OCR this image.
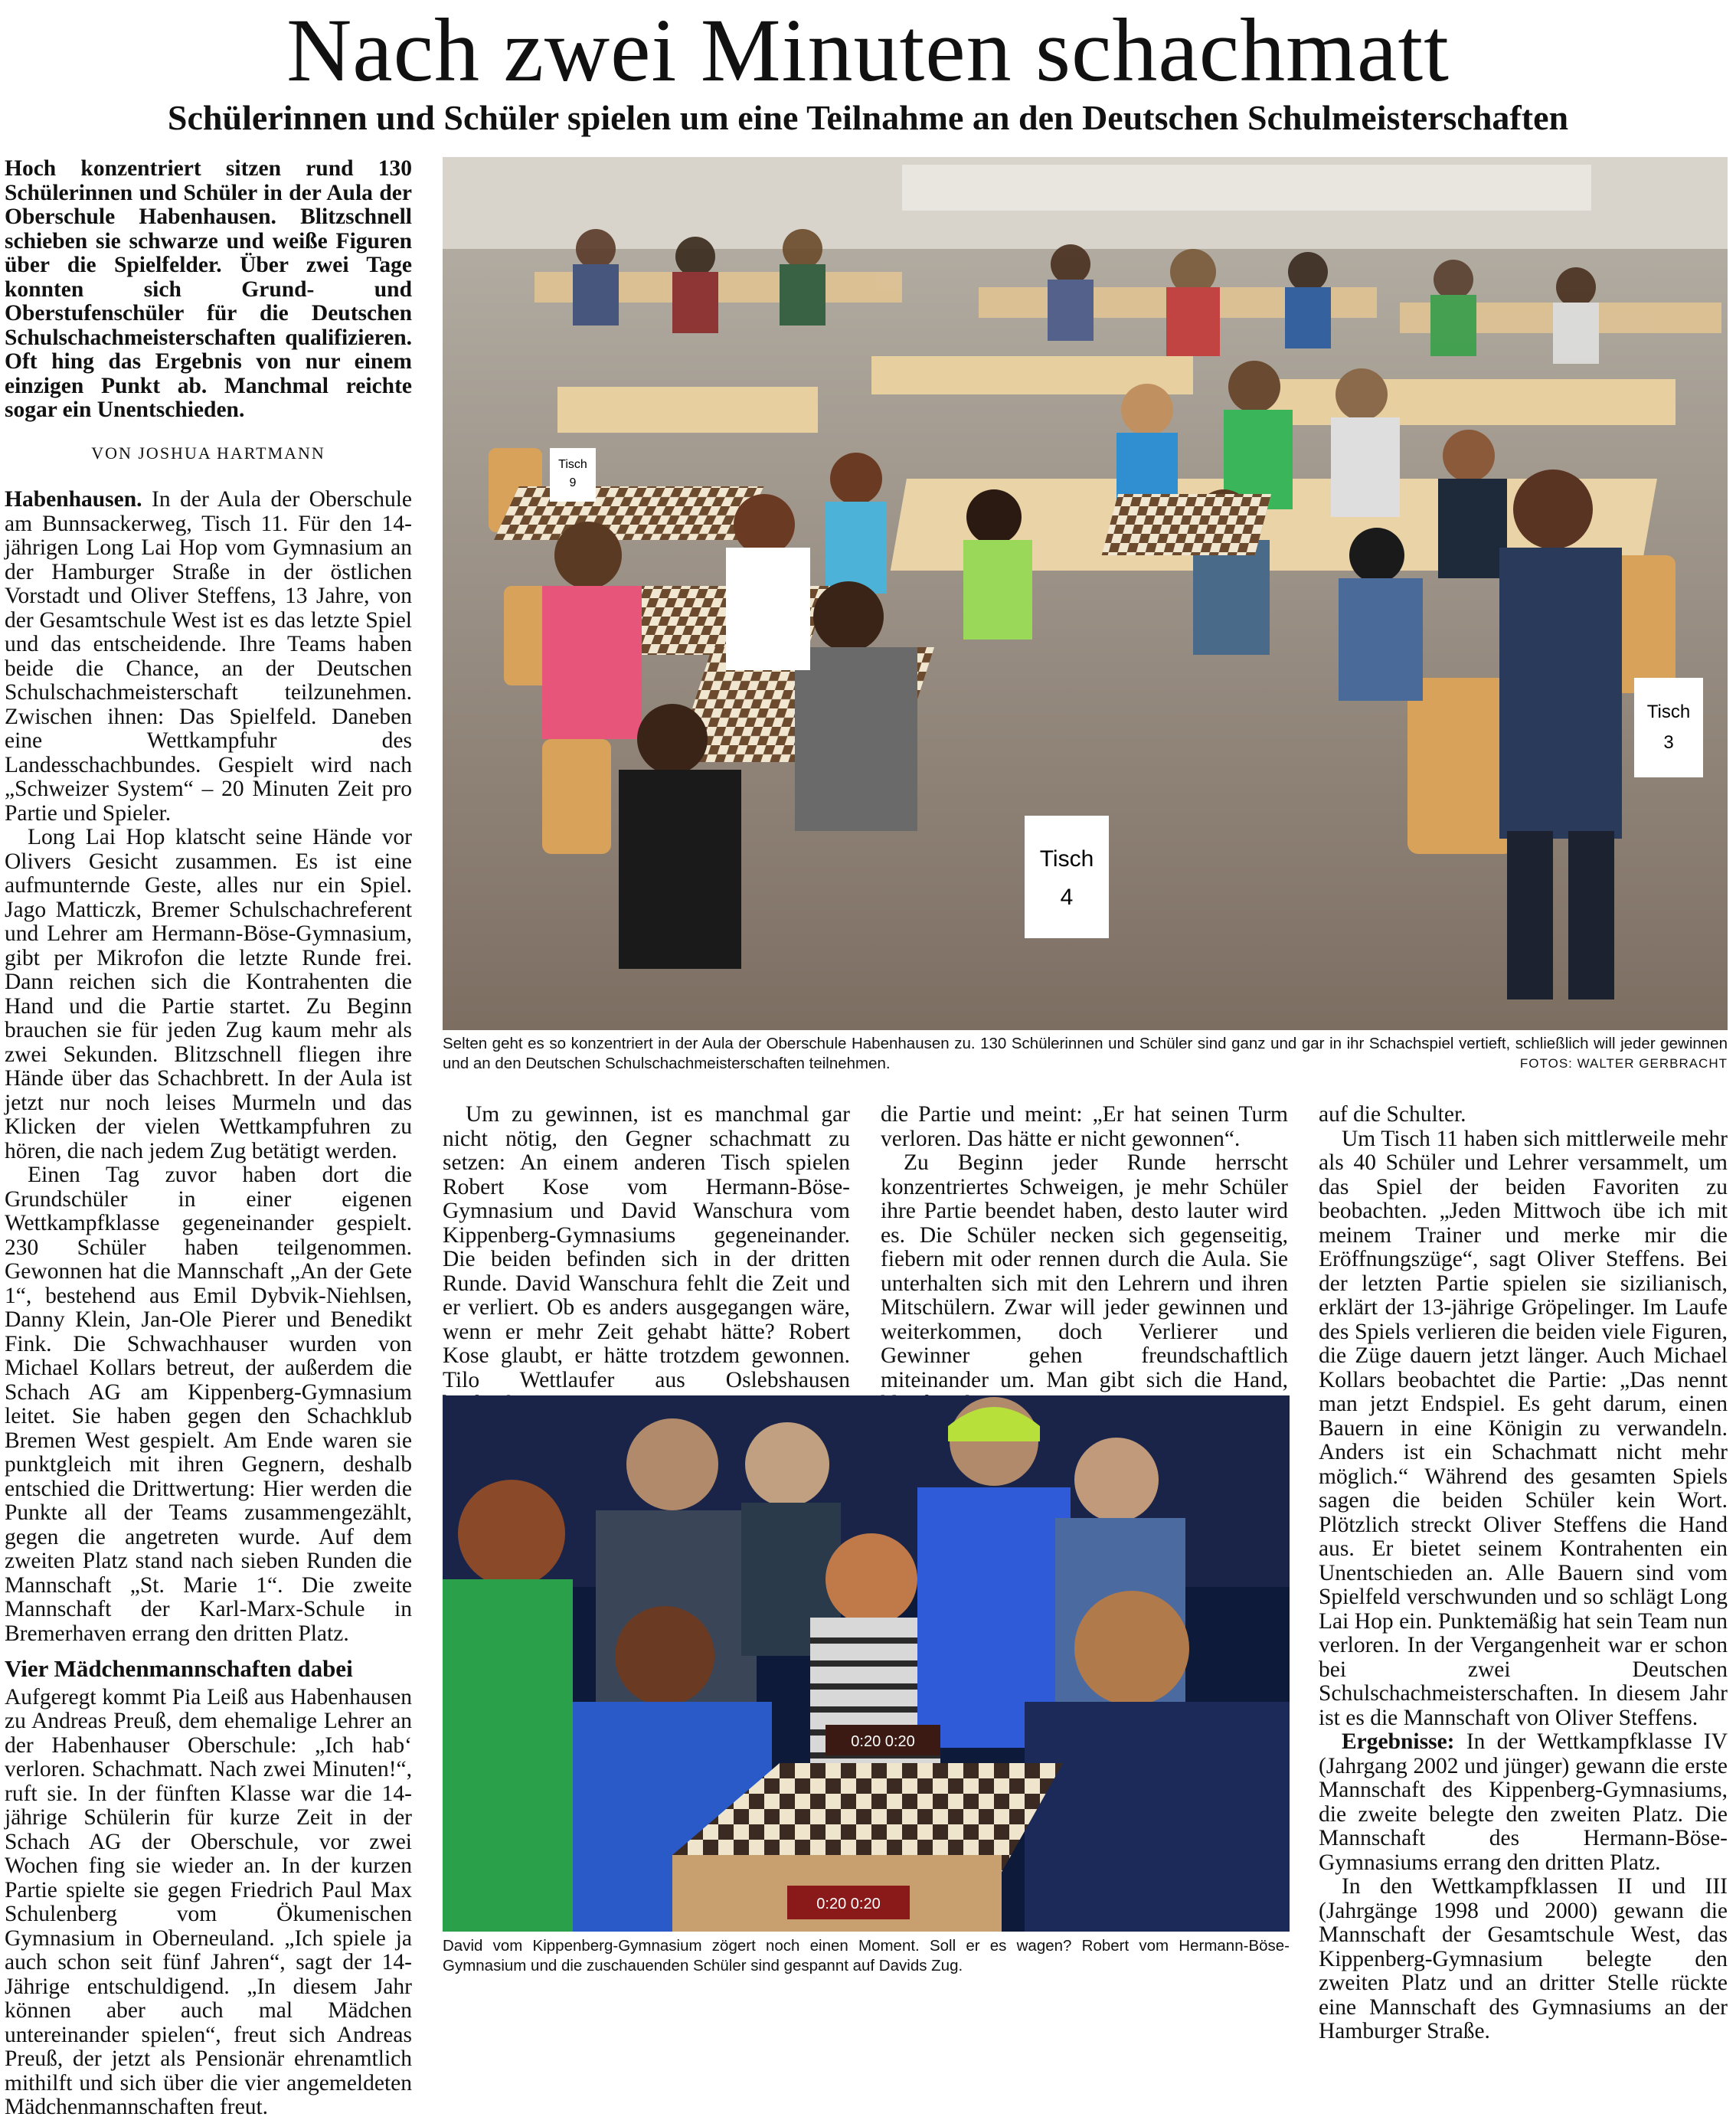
Nach zwei Minuten schachmatt
Schülerinnen und Schüler spielen um eine Teilnahme an den Deutschen Schulmeisterschaften

Hoch konzentriert sitzen rund 130 Schülerinnen und Schüler in der Aula der Oberschule Habenhausen. Blitzschnell schieben sie schwarze und weiße Figuren über die Spielfelder. Über zwei Tage konnten sich Grund- und Oberstufenschüler für die Deutschen Schulschachmeisterschaften qualifizieren. Oft hing das Ergebnis von nur einem einzigen Punkt ab. Manchmal reichte sogar ein Unentschieden.

VON JOSHUA HARTMANN

Habenhausen. In der Aula der Oberschule am Bunnsackerweg, Tisch 11. Für den 14-jährigen Long Lai Hop vom Gymnasium an der Hamburger Straße in der östlichen Vorstadt und Oliver Steffens, 13 Jahre, von der Gesamtschule West ist es das letzte Spiel und das entscheidende. Ihre Teams haben beide die Chance, an der Deutschen Schulschachmeisterschaft teilzunehmen. Zwischen ihnen: Das Spielfeld. Daneben eine Wettkampfuhr des Landesschachbundes. Gespielt wird nach „Schweizer System“ – 20 Minuten Zeit pro Partie und Spieler.

Long Lai Hop klatscht seine Hände vor Olivers Gesicht zusammen. Es ist eine aufmunternde Geste, alles nur ein Spiel. Jago Matticzk, Bremer Schulschachreferent und Lehrer am Hermann-Böse-Gymnasium, gibt per Mikrofon die letzte Runde frei. Dann reichen sich die Kontrahenten die Hand und die Partie startet. Zu Beginn brauchen sie für jeden Zug kaum mehr als zwei Sekunden. Blitzschnell fliegen ihre Hände über das Schachbrett. In der Aula ist jetzt nur noch leises Murmeln und das Klicken der vielen Wettkampfuhren zu hören, die nach jedem Zug betätigt werden.

Einen Tag zuvor haben dort die Grundschüler in einer eigenen Wettkampfklasse gegeneinander gespielt. 230 Schüler haben teilgenommen. Gewonnen hat die Mannschaft „An der Gete 1“, bestehend aus Emil Dybvik-Niehlsen, Danny Klein, Jan-Ole Pierer und Benedikt Fink. Die Schwachhauser wurden von Michael Kollars betreut, der außerdem die Schach AG am Kippenberg-Gymnasium leitet. Sie haben gegen den Schachklub Bremen West gespielt. Am Ende waren sie punktgleich mit ihren Gegnern, deshalb entschied die Drittwertung: Hier werden die Punkte all der Teams zusammengezählt, gegen die angetreten wurde. Auf dem zweiten Platz stand nach sieben Runden die Mannschaft „St. Marie 1“. Die zweite Mannschaft der Karl-Marx-Schule in Bremerhaven errang den dritten Platz.

Vier Mädchenmannschaften dabei

Aufgeregt kommt Pia Leiß aus Habenhausen zu Andreas Preuß, dem ehemalige Lehrer an der Habenhauser Oberschule: „Ich hab‘ verloren. Schachmatt. Nach zwei Minuten!“, ruft sie. In der fünften Klasse war die 14-jährige Schülerin für kurze Zeit in der Schach AG der Oberschule, vor zwei Wochen fing sie wieder an. In der kurzen Partie spielte sie gegen Friedrich Paul Max Schulenberg vom Ökumenischen Gymnasium in Oberneuland. „Ich spiele ja auch schon seit fünf Jahren“, sagt der 14-Jährige entschuldigend. „In diesem Jahr können aber auch mal Mädchen untereinander spielen“, freut sich Andreas Preuß, der jetzt als Pensionär ehrenamtlich mithilft und sich über die vier angemeldeten Mädchenmannschaften freut.

Tisch
9
Tisch
4
Tisch
3
Selten geht es so konzentriert in der Aula der Oberschule Habenhausen zu. 130 Schülerinnen und Schüler sind ganz und gar in ihr Schachspiel vertieft, schließlich will jeder gewinnen und an den Deutschen Schulschachmeisterschaften teilnehmen.	FOTOS: WALTER GERBRACHT

Um zu gewinnen, ist es manchmal gar nicht nötig, den Gegner schachmatt zu setzen: An einem anderen Tisch spielen Robert Kose vom Hermann-Böse-Gymnasium und David Wanschura vom Kippenberg-Gymnasiums gegeneinander. Die beiden befinden sich in der dritten Runde. David Wanschura fehlt die Zeit und er verliert. Ob es anders ausgegangen wäre, wenn er mehr Zeit gehabt hätte? Robert Kose glaubt, er hätte trotzdem gewonnen. Tilo Wettlaufer aus Oslebshausen

die Partie und meint: „Er hat seinen Turm verloren. Das hätte er nicht gewonnen“.

Zu Beginn jeder Runde herrscht konzentriertes Schweigen, je mehr Schüler ihre Partie beendet haben, desto lauter wird es. Die Schüler necken sich gegenseitig, fiebern mit oder rennen durch die Aula. Sie unterhalten sich mit den Lehrern und ihren Mitschülern. Zwar will jeder gewinnen und weiterkommen, doch Verlierer und Gewinner gehen freundschaftlich miteinander um. Man gibt sich die Hand,

auf die Schulter.

Um Tisch 11 haben sich mittlerweile mehr als 40 Schüler und Lehrer versammelt, um das Spiel der beiden Favoriten zu beobachten. „Jeden Mittwoch übe ich mit meinem Trainer und merke mir die Eröffnungszüge“, sagt Oliver Steffens. Bei der letzten Partie spielen sie sizilianisch, erklärt der 13-jährige Gröpelinger. Im Laufe des Spiels verlieren die beiden viele Figuren, die Züge dauern jetzt länger. Auch Michael Kollars beobachtet die Partie: „Das nennt man jetzt Endspiel. Es geht darum, einen Bauern in eine Königin zu verwandeln. Anders ist ein Schachmatt nicht mehr möglich.“ Während des gesamten Spiels sagen die beiden Schüler kein Wort. Plötzlich streckt Oliver Steffens die Hand aus. Er bietet seinem Kontrahenten ein Unentschieden an. Alle Bauern sind vom Spielfeld verschwunden und so schlägt Long Lai Hop ein. Punktemäßig hat sein Team nun verloren. In der Vergangenheit war er schon bei zwei Deutschen Schulschachmeisterschaften. In diesem Jahr ist es die Mannschaft von Oliver Steffens.

Ergebnisse: In der Wettkampfklasse IV (Jahrgang 2002 und jünger) gewann die erste Mannschaft des Kippenberg-Gymnasiums, die zweite belegte den zweiten Platz. Die Mannschaft des Hermann-Böse-Gymnasiums errang den dritten Platz.

In den Wettkampfklassen II und III (Jahrgänge 1998 und 2000) gewann die Mannschaft der Gesamtschule West, das Kippenberg-Gymnasium belegte den zweiten Platz und an dritter Stelle rückte eine Mannschaft des Gymnasiums an der Hamburger Straße.

0:20 0:20
0:20 0:20
David vom Kippenberg-Gymnasium zögert noch einen Moment. Soll er es wagen? Robert vom Hermann-Böse-Gymnasium und die zuschauenden Schüler sind gespannt auf Davids Zug.
